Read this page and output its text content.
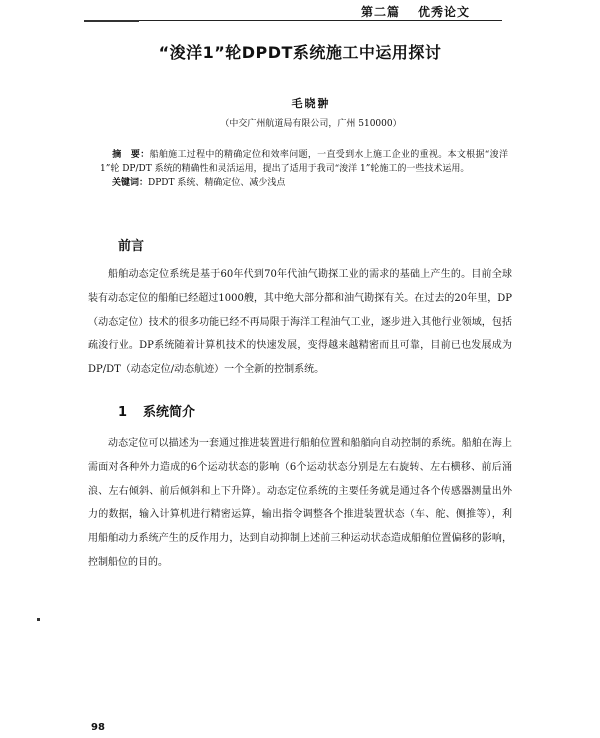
第二篇 优秀论文
“浚洋1”轮DPDT系统施工中运用探讨
毛晓翀
（中交广州航道局有限公司，广州 510000）

摘　要：船舶施工过程中的精确定位和效率问题，一直受到水上施工企业的重视。本文根据“浚洋 1”轮 DP/DT 系统的精确性和灵活运用，提出了适用于我司“浚洋 1”轮施工的一些技术运用。

关键词：DPDT 系统、精确定位、减少浅点

前言

船舶动态定位系统是基于60年代到70年代油气勘探工业的需求的基础上产生的。目前全球装有动态定位的船舶已经超过1000艘，其中绝大部分都和油气勘探有关。在过去的20年里，DP（动态定位）技术的很多功能已经不再局限于海洋工程油气工业，逐步进入其他行业领域，包括疏浚行业。DP系统随着计算机技术的快速发展，变得越来越精密而且可靠，目前已也发展成为DP/DT（动态定位/动态航迹）一个全新的控制系统。

1 系统简介

动态定位可以描述为一套通过推进装置进行船舶位置和船艏向自动控制的系统。船舶在海上需面对各种外力造成的6个运动状态的影响（6个运动状态分别是左右旋转、左右横移、前后涌浪、左右倾斜、前后倾斜和上下升降）。动态定位系统的主要任务就是通过各个传感器测量出外力的数据，输入计算机进行精密运算，输出指令调整各个推进装置状态（车、舵、侧推等），利用船舶动力系统产生的反作用力，达到自动抑制上述前三种运动状态造成船舶位置偏移的影响，控制船位的目的。

98
